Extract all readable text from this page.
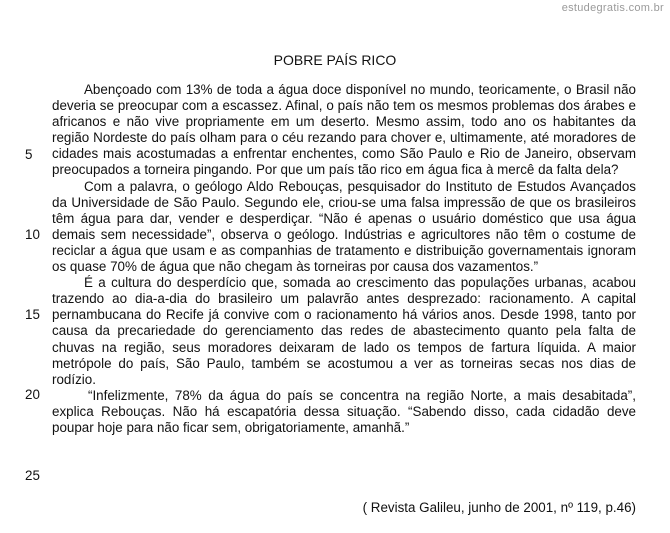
estudegratis.com.br
POBRE PAÍS RICO
5
10
15
20
25

Abençoado com 13% de toda a água doce disponível no mundo, teoricamente, o Brasil não deveria se preocupar com a escassez. Afinal, o país não tem os mesmos problemas dos árabes e africanos e não vive propriamente em um deserto. Mesmo assim, todo ano os habitantes da região Nordeste do país olham para o céu rezando para chover e, ultimamente, até moradores de cidades mais acostumadas a enfrentar enchentes, como São Paulo e Rio de Janeiro, observam preocupados a torneira pingando. Por que um país tão rico em água fica à mercê da falta dela?

Com a palavra, o geólogo Aldo Rebouças, pesquisador do Instituto de Estudos Avançados da Universidade de São Paulo. Segundo ele, criou-se uma falsa impressão de que os brasileiros têm água para dar, vender e desperdiçar. “Não é apenas o usuário doméstico que usa água demais sem necessidade”, observa o geólogo. Indústrias e agricultores não têm o costume de reciclar a água que usam e as companhias de tratamento e distribuição governamentais ignoram os quase 70% de água que não chegam às torneiras por causa dos vazamentos.”

É a cultura do desperdício que, somada ao crescimento das populações urbanas, acabou trazendo ao dia-a-dia do brasileiro um palavrão antes desprezado: racionamento. A capital pernambucana do Recife já convive com o racionamento há vários anos. Desde 1998, tanto por causa da precariedade do gerenciamento das redes de abastecimento quanto pela falta de chuvas na região, seus moradores deixaram de lado os tempos de fartura líquida. A maior metrópole do país, São Paulo, também se acostumou a ver as torneiras secas nos dias de rodízio.

“Infelizmente, 78% da água do país se concentra na região Norte, a mais desabitada”, explica Rebouças. Não há escapatória dessa situação. “Sabendo disso, cada cidadão deve poupar hoje para não ficar sem, obrigatoriamente, amanhã.”

( Revista Galileu, junho de 2001, nº 119, p.46)
